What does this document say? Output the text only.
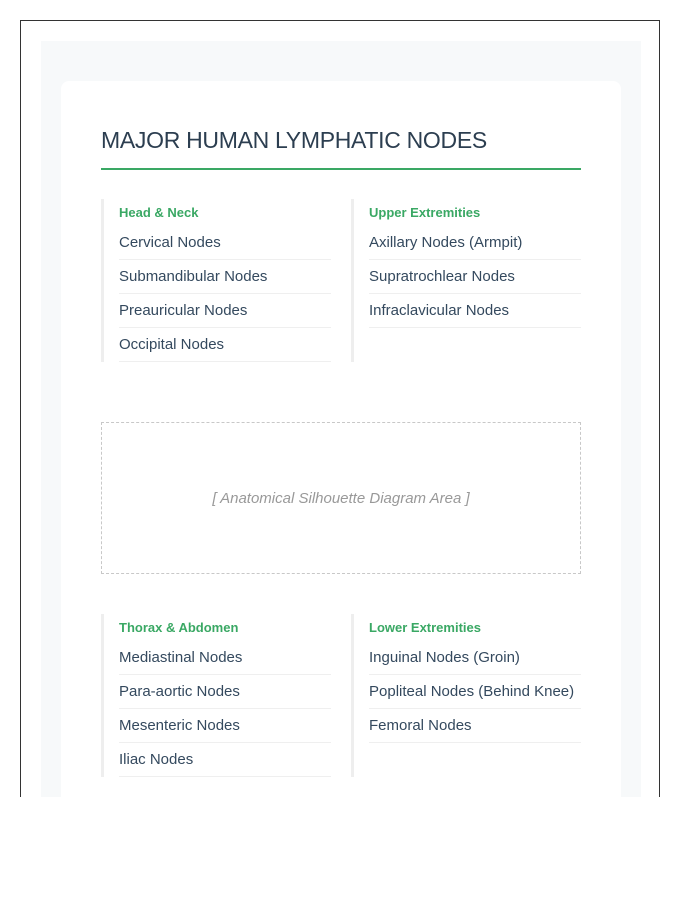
MAJOR HUMAN LYMPHATIC NODES
Head & Neck
Cervical Nodes
Submandibular Nodes
Preauricular Nodes
Occipital Nodes
Upper Extremities
Axillary Nodes (Armpit)
Supratrochlear Nodes
Infraclavicular Nodes
[ Anatomical Silhouette Diagram Area ]
Thorax & Abdomen
Mediastinal Nodes
Para-aortic Nodes
Mesenteric Nodes
Iliac Nodes
Lower Extremities
Inguinal Nodes (Groin)
Popliteal Nodes (Behind Knee)
Femoral Nodes
